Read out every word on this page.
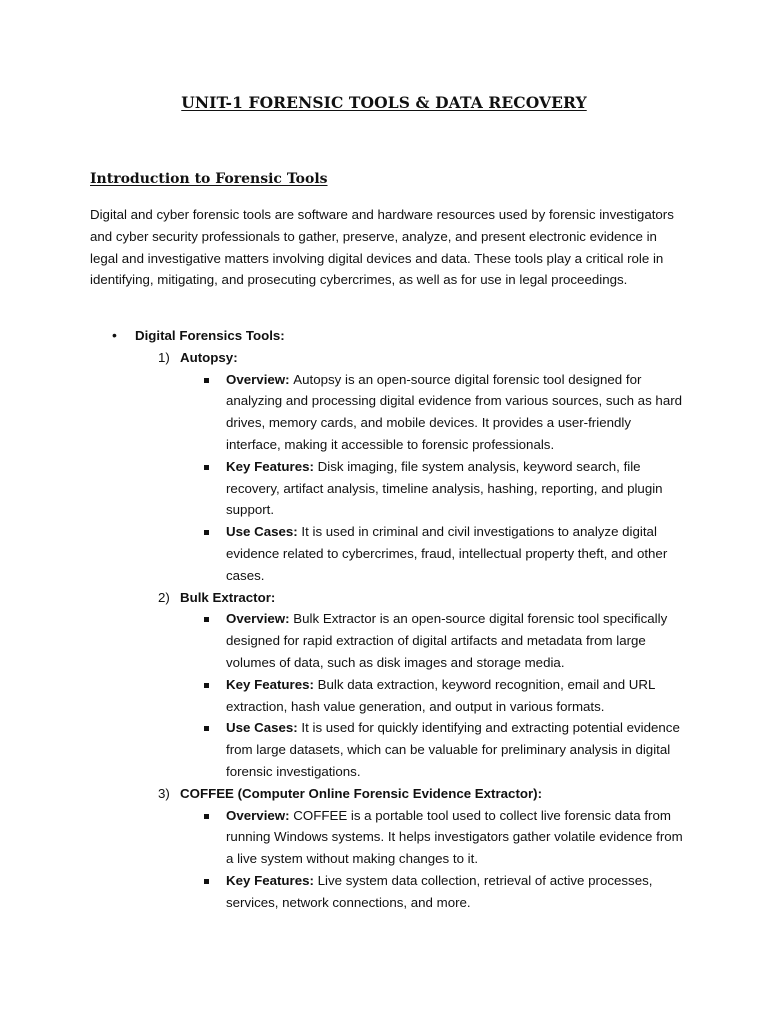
UNIT-1 FORENSIC TOOLS & DATA RECOVERY
Introduction to Forensic Tools
Digital and cyber forensic tools are software and hardware resources used by forensic investigators and cyber security professionals to gather, preserve, analyze, and present electronic evidence in legal and investigative matters involving digital devices and data. These tools play a critical role in identifying, mitigating, and prosecuting cybercrimes, as well as for use in legal proceedings.
• Digital Forensics Tools:
1) Autopsy:
Overview: Autopsy is an open-source digital forensic tool designed for analyzing and processing digital evidence from various sources, such as hard drives, memory cards, and mobile devices. It provides a user-friendly interface, making it accessible to forensic professionals.
Key Features: Disk imaging, file system analysis, keyword search, file recovery, artifact analysis, timeline analysis, hashing, reporting, and plugin support.
Use Cases: It is used in criminal and civil investigations to analyze digital evidence related to cybercrimes, fraud, intellectual property theft, and other cases.
2) Bulk Extractor:
Overview: Bulk Extractor is an open-source digital forensic tool specifically designed for rapid extraction of digital artifacts and metadata from large volumes of data, such as disk images and storage media.
Key Features: Bulk data extraction, keyword recognition, email and URL extraction, hash value generation, and output in various formats.
Use Cases: It is used for quickly identifying and extracting potential evidence from large datasets, which can be valuable for preliminary analysis in digital forensic investigations.
3) COFFEE (Computer Online Forensic Evidence Extractor):
Overview: COFFEE is a portable tool used to collect live forensic data from running Windows systems. It helps investigators gather volatile evidence from a live system without making changes to it.
Key Features: Live system data collection, retrieval of active processes, services, network connections, and more.
